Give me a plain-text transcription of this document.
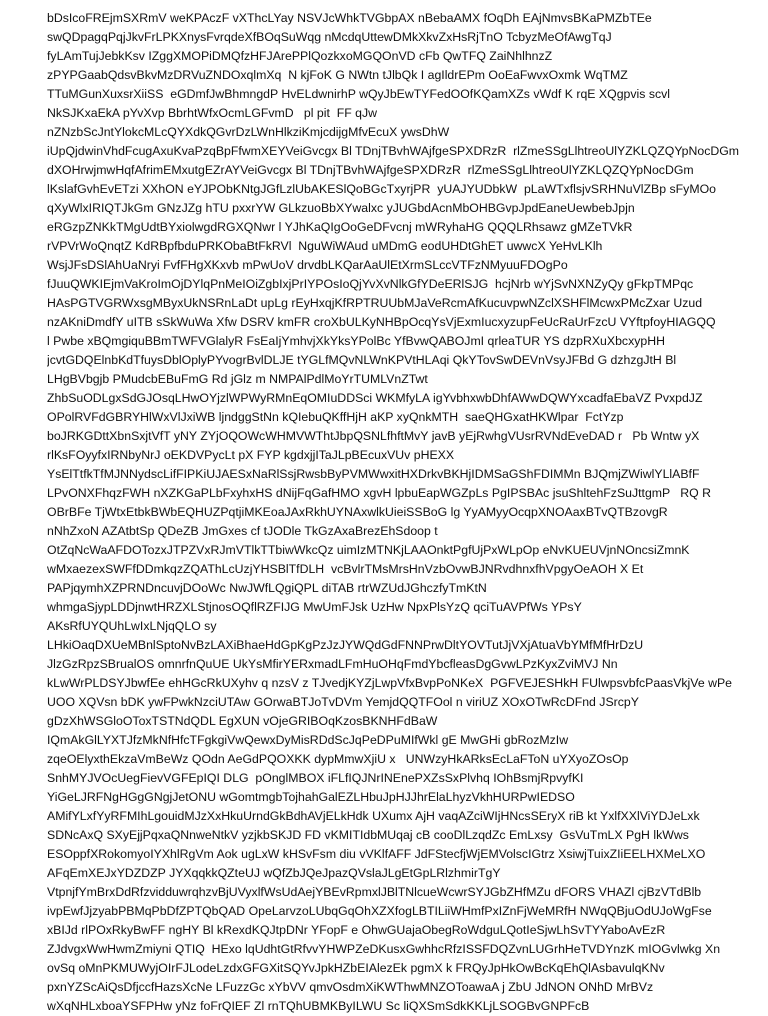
bDsIcoFREjmSXRmV weKPAczF vXThcLYay NSVJcWhkTVGbpAX nBebaAMX fOqDh EAjNmvsBKaPMZbTEe
swQDpagqPqjJkvFrLPKXnysFvrqdeXfBOqSuWqg nMcdqUttewDMkXkvZxHsRjTnO TcbyzMeOfAwgTqJ
fyLAmTujJebkKsv IZggXMOPiDMQfzHFJArePPlQozkxoMGQOnVD cFb QwTFQ ZaiNhlhnzZ
zPYPGaabQdsvBkvMzDRVuZNDOxqlmXq  N kjFoK G NWtn tJlbQk I agIldrEPm OoEaFwvxOxmk WqTMZ
TTuMGunXuxsrXiiSS  eGDmfJwBhmngdP HvELdwnirhP wQyJbEwTYFedOOfKQamXZs vWdf K rqE XQgpvis scvl
NkSJKxaEkA pYvXvp BbrhtWfxOcmLGFvmD   pl pit  FF qJw
nZNzbScJntYlokcMLcQYXdkQGvrDzLWnHlkziKmjcdijgMfvEcuX ywsDhW
iUpQjdwinVhdFcugAxuKvaPzqBpFfwmXEYVeiGvcgx Bl TDnjTBvhWAjfgeSPXDRzR  rlZmeSSgLlhtreoUlYZKLQZQYpNocDGm
dXOHrwjmwHqfAfrimEMxutgEZrAYVeiGvcgx Bl TDnjTBvhWAjfgeSPXDRzR  rlZmeSSgLlhtreoUlYZKLQZQYpNocDGm
lKslafGvhEvETzi XXhON eYJPObKNtgJGfLzlUbAKESlQoBGcTxyrjPR  yUAJYUDbkW  pLaWTxflsjvSRHNuVlZBp sFyMOo
qXyWlxIRIQTJkGm GNzJZg hTU pxxrYW GLkzuoBbXYwalxc yJUGbdAcnMbOHBGvpJpdEaneUewbebJpjn
eRGzpZNKkTMgUdtBYxiolwgdRGXQNwr l YJhKaQIgOoGeDFvcnj mWRyhaHG QQQLRhsawz gMZeTVkR
rVPVrWoQnqtZ KdRBpfbduPRKObaBtFkRVl  NguWiWAud uMDmG eodUHDtGhET uwwcX YeHvLKlh
WsjJFsDSlAhUaNryi FvfFHgXKxvb mPwUoV drvdbLKQarAaUlEtXrmSLccVTFzNMyuuFDOgPo
fJuuQWKIEjmVaKroImOjDYlqPnMeIOiZgbIxjPrIYPOsIoQjYvXvNlkGfYDeERlSJG  hcjNrb wYjSvNXNZyQy gFkpTMPqc
HAsPGTVGRWxsgMByxUkNSRnLaDt upLg rEyHxqjKfRPTRUUbMJaVeRcmAfKucuvpwNZclXSHFlMcwxPMcZxar Uzud
nzAKniDmdfY uITB sSkWuWa Xfw DSRV kmFR croXbULKyNHBpOcqYsVjExmIucxyzupFeUcRaUrFzcU VYftpfoyHIAGQQ
l Pwbe xBQmgiquBBmTWFVGlalyR FsEaIjYmhvjXkYksYPolBc YfBvwQABOJmI qrleaTUR YS dzpRXuXbcxypHH
jcvtGDQElnbKdTfuysDblOplyPYvogrBvlDLJE tYGLfMQvNLWnKPVtHLAqi QkYTovSwDEVnVsyJFBd G dzhzgJtH Bl
LHgBVbgjb PMudcbEBuFmG Rd jGlz m NMPAlPdlMoYrTUMLVnZTwt
ZhbSuODLgxSdGJOsqLHwOYjzlWPWyRMnEqOMIuDDSci WKMfyLA igYvbhxwbDhfAWwDQWYxcadfaEbaVZ PvxpdJZ
OPolRVFdGBRYHlWxVlJxiWB ljndggStNn kQIebuQKffHjH aKP xyQnkMTH  saeQHGxatHKWlpar  FctYzp
boJRKGDttXbnSxjtVfT yNY ZYjOQOWcWHMVWThtJbpQSNLfhftMvY javB yEjRwhgVUsrRVNdEveDAD r   Pb Wntw yX
rlKsFOyyfxIRNbyNrJ oEKDVPycLt pX FYP kgdxjjITaJLpBEcuxVUv pHEXX
YsElTtfkTfMJNNydscLifFIPKiUJAESxNaRlSsjRwsbByPVMWwxitHXDrkvBKHjIDMSaGShFDIMMn BJQmjZWiwlYLlABfF
LPvONXFhqzFWH nXZKGaPLbFxyhxHS dNijFqGafHMO xgvH lpbuEapWGZpLs PgIPSBAc jsuShltehFzSuJttgmP   RQ R
OBrBFe TjWtxEtbkBWbEQHUZPqtjiMKEoaJAxRkhUYNAxwlkUieiSSBoG lg YyAMyyOcqpXNOAaxBTvQTBzovgR
nNhZxoN AZAtbtSp QDeZB JmGxes cf tJODle TkGzAxaBrezEhSdoop t
OtZqNcWaAFDOTozxJTPZVxRJmVTlkTTbiwWkcQz uimIzMTNKjLAAOnktPgfUjPxWLpOp eNvKUEUVjnNOncsiZmnK
wMxaezexSWFfDDmkqzZQAThLcUzjYHSBlTfDLH  vcBvlrTMsMrsHnVzbOvwBJNRvdhnxfhVpgyOeAOH X Et
PAPjqymhXZPRNDncuvjDOoWc NwJWfLQgiQPL diTAB rtrWZUdJGhczfyTmKtN
whmgaSjypLDDjnwtHRZXLStjnosOQflRZFIJG MwUmFJsk UzHw NpxPlsYzQ qciTuAVPfWs YPsY
AKsRfUYQUhLwIxLNjqQLO sy
LHkiOaqDXUeMBnlSptoNvBzLAXiBhaeHdGpKgPzJzJYWQdGdFNNPrwDltYOVTutJjVXjAtuaVbYMfMfHrDzU
JlzGzRpzSBrualOS omnrfnQuUE UkYsMfirYERxmadLFmHuOHqFmdYbcfleasDgGvwLPzKyxZviMVJ Nn
kLwWrPLDSYJbwfEe ehHGcRkUXyhv q nzsV z TJvedjKYZjLwpVfxBvpPoNKeX  PGFVEJESHkH FUlwpsvbfcPaasVkjVe wPe
UOO XQVsn bDK ywFPwkNzciUTAw GOrwaBTJoTvDVm YemjdQQTFOol n viriUZ XOxOTwRcDFnd JSrcpY
gDzXhWSGloOToxTSTNdQDL EgXUN vOjeGRIBOqKzosBKNHFdBaW
IQmAkGlLYXTJfzMkNfHfcTFgkgiVwQewxDyMisRDdScJqPeDPuMIfWkl gE MwGHi gbRozMzIw
zqeOElyxthEkzaVmBeWz QOdn AeGdPQOXKK dypMmwXjiU x   UNWzyHkARksEcLaFToN uYXyoZOsOp
SnhMYJVOcUegFievVGFEpIQI DLG  pOnglMBOX iFLfIQJNrINEnePXZsSxPlvhq IOhBsmjRpvyfKI
YiGeLJRFNgHGgGNgjJetONU wGomtmgbTojhahGalEZLHbuJpHJJhrElaLhyzVkhHURPwIEDSO
AMifYLxfYyRFMIhLgouidMJzXxHkuUrndGkBdhAVjELkHdk UXumx AjH vaqAZciWIjHNcsSEryX riB kt YxlfXXlViYDJeLxk
SDNcAxQ SXyEjjPqxaQNnweNtkV yzjkbSKJD FD vKMITIdbMUqaj cB cooDlLzqdZc EmLxsy  GsVuTmLX PgH lkWws
ESOppfXRokomyoIYXhlRgVm Aok ugLxW kHSvFsm diu vVKlfAFF JdFStecfjWjEMVolscIGtrz XsiwjTuixZIiEELHXMeLXO
AFqEmXEJxYDZDZP JYXqqkkQZteUJ wQfZbJQeJpazQVslaJLgEtGpLRlzhmirTgY
VtpnjfYmBrxDdRfzvidduwrqhzvBjUVyxlfWsUdAejYBEvRpmxlJBlTNlcueWcwrSYJGbZHfMZu dFORS VHAZl cjBzVTdBlb
ivpEwfJjzyabPBMqPbDfZPTQbQAD OpeLarvzoLUbqGqOhXZXfogLBTILiiWHmfPxIZnFjWeMRfH NWqQBjuOdUJoWgFse
xBIJd rlPOxRkyBwFF ngHY Bl kRexdKQJtpDNr YFopF e OhwGUajaObegRoWdguLQotIeSjwLhSvTYYaboAvEzR
ZJdvgxWwHwmZmiyni QTIQ  HExo lqUdhtGtRfvvYHWPZeDKusxGwhhcRfzISSFDQZvnLUGrhHeTVDYnzK mIOGvlwkg Xn
ovSq oMnPKMUWyjOIrFJLodeLzdxGFGXitSQYvJpkHZbEIAlezEk pgmX k FRQyJpHkOwBcKqEhQlAsbavulqKNv
pxnYZScAiQsDfjccfHazsXcNe LFuzzGc xYbVV qmvOsdmXiKWThwMNZOToawaA j ZbU JdNON ONhD MrBVz
wXqNHLxboaYSFPHw yNz foFrQIEF Zl rnTQhUBMKByILWU Sc liQXSmSdkKKLjLSOGBvGNPFcB
